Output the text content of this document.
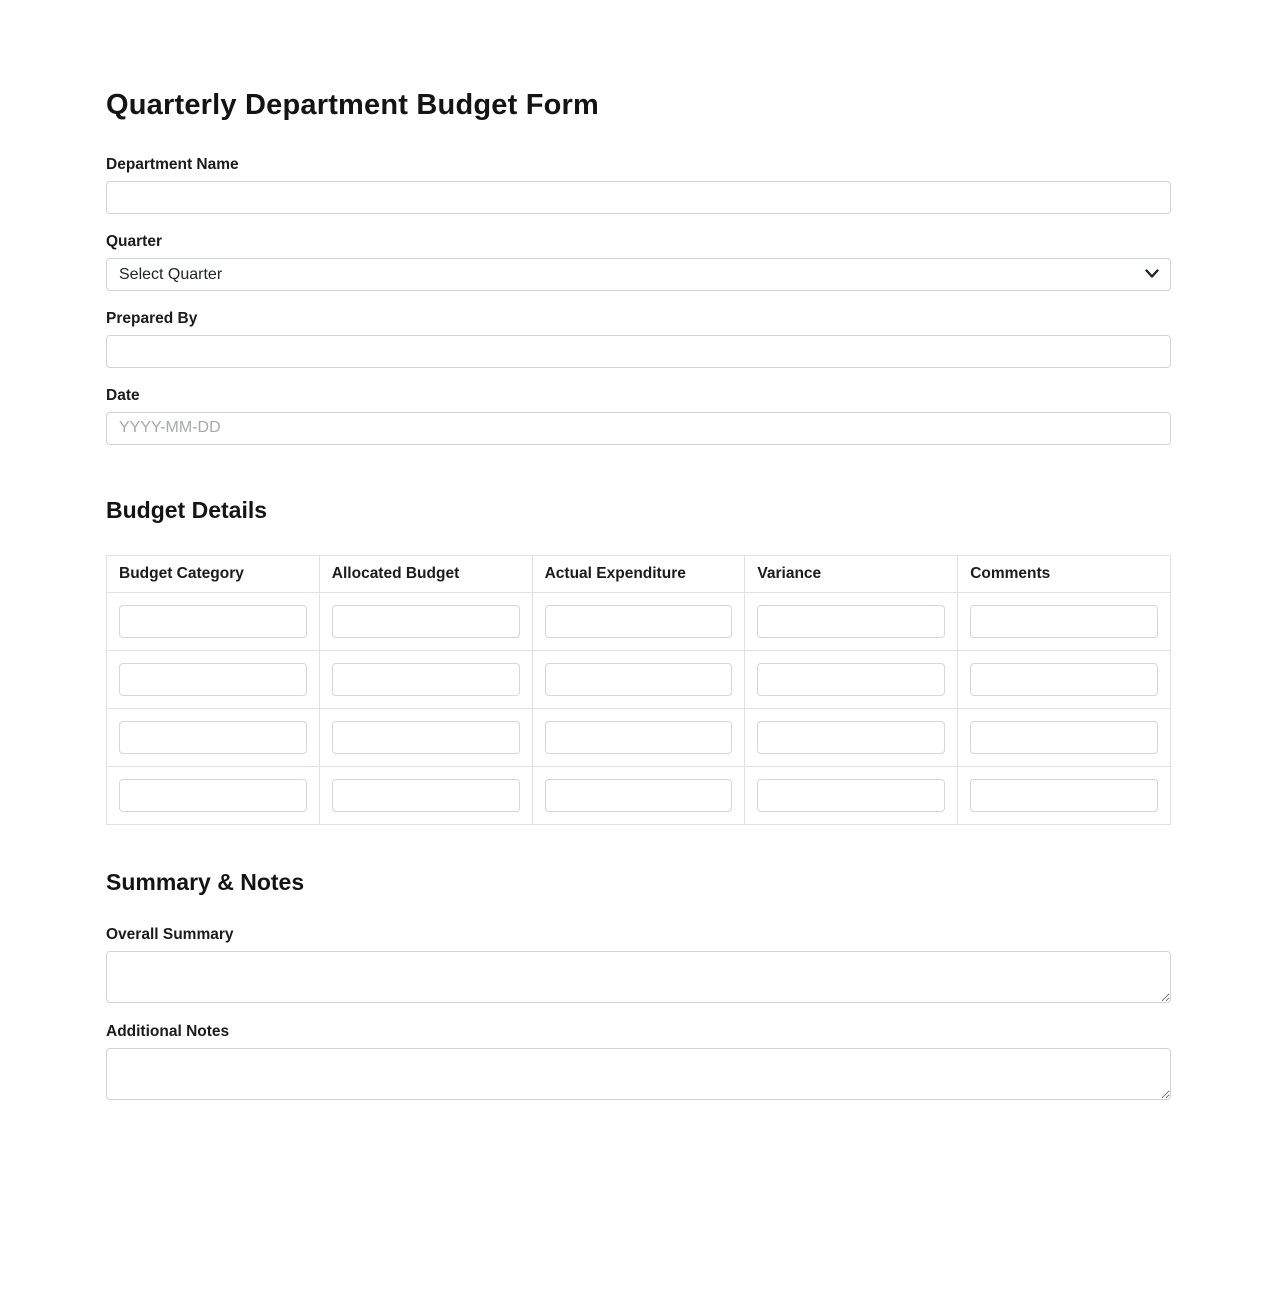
Quarterly Department Budget Form
Department Name
Quarter
Select Quarter
Prepared By
Date
YYYY-MM-DD
Budget Details
Budget Category	Allocated Budget	Actual Expenditure	Variance	Comments

Summary & Notes
Overall Summary
Additional Notes
